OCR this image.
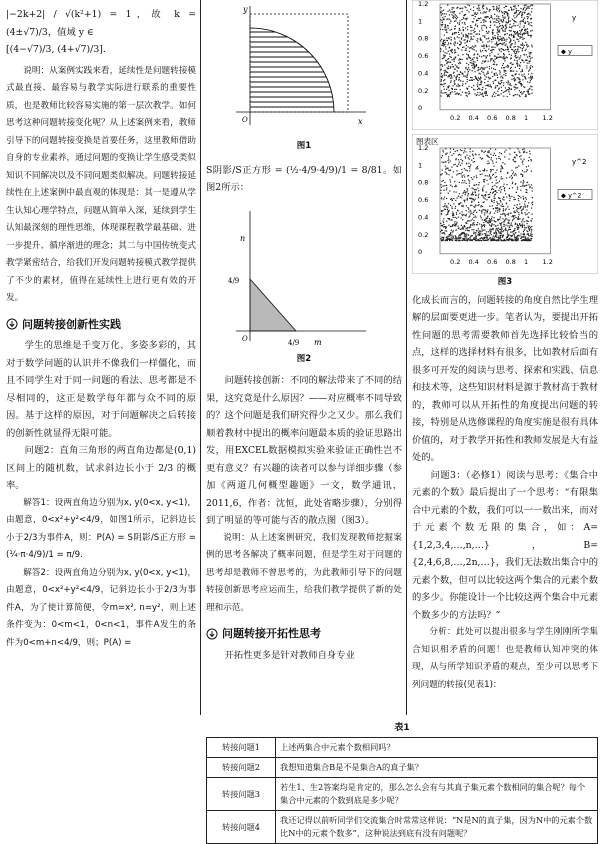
|−2k+2| / √(k²+1) = 1，故 k = (4±√7)/3，值域 y ∈
[(4−√7)/3, (4+√7)/3].

说明：从案例实践来看，延续性是问题转接模式最直接、最容易与教学实际进行联系的重要性质，也是教师比较容易实施的第一层次教学。如何思考这种问题转接变化呢？从上述案例来看，教师引导下的问题转接变换是首要任务，这里教师借助自身的专业素养，通过问题的变换让学生感受类似知识不同解决以及不同问题类似解决。问题转接延续性在上述案例中最直观的体现是：其一是遵从学生认知心理学特点，问题从简单入深，延续到学生认知最深刻的理性思维，体现课程教学最基础、进一步提升、循序渐进的理念；其二与中国传统变式教学紧密结合，给我们开发问题转接模式教学提供了不少的素材，值得在延续性上进行更有效的开发。

问题转接创新性实践

学生的思维是千变万化、多姿多彩的，其对于数学问题的认识并不像我们一样僵化，而且不同学生对于同一问题的看法、思考都是不尽相同的，这正是数学每年都与众不同的原因。基于这样的原因，对于问题解决之后转接的创新性就显得无限可能。

问题2：直角三角形的两直角边都是(0,1)区间上的随机数，试求斜边长小于 2/3 的概率。

解答1：设两直角边分别为x, y(0<x, y<1)，由题意，0<x²+y²<4/9，如图1所示，记斜边长小于2/3为事件A，则：P(A) = S阴影/S正方形 = (¼·π·4/9)/1 = π/9.

解答2：设两直角边分别为x, y(0<x, y<1)，由题意，0<x²+y²<4/9，记斜边长小于2/3为事件A，为了使计算简便，令m=x², n=y²，则上述条件变为：0<m<1，0<n<1，事件A发生的条件为0<m+n<4/9，则；P(A) =

y
x
O
图1
S阴影/S正方形 = (½·4/9·4/9)/1 = 8/81。如图2所示：
n
m
O
4/9
4/9
图2

问题转接创新：不同的解法带来了不同的结果，这究竟是什么原因？——对应概率不同导致的？这个问题是我们研究得少之又少。那么我们顺着教材中提出的概率问题最本质的验证思路出发，用EXCEL数据模拟实验来验证正确性岂不更有意义？有兴趣的读者可以参与详细步骤（参加《两道几何概型趣题》一文，数学通讯，2011,6，作者：沈恒，此处省略步骤），分别得到了明显的等可能与否的散点图（图3）。

说明：从上述案例研究，我们发现教师挖掘案例的思考各解决了概率问题，但是学生对于问题的思考却是教师不曾思考的，为此教师引导下的问题转接创新思考应运而生，给我们教学提供了新的处理和示范。

问题转接开拓性思考

开拓性更多是针对教师自身专业

1.2
1
0.8
0.6
0.4
0.2
0
0.2 0.4 0.6 0.8 1 1.2
◆ y
y
图表区
1.2
1
0.8
0.6
0.4
0.2
0
0.2 0.4 0.6 0.8 1 1.2
◆ y^2
y^2
图3

化成长而言的，问题转接的角度自然比学生理解的层面要更进一步。笔者认为，要提出开拓性问题的思考需要教师首先选择比较恰当的点，这样的选择材料有很多，比如教材后面有很多可开发的阅读与思考、探索和实践、信息和技术等，这些知识材料是源于教材高于教材的，教师可以从开拓性的角度提出问题的转接，特别是从选修课程的角度实施是很有具体价值的，对于教学开拓性和教师发展是大有益处的。

问题3：（必修1）阅读与思考：《集合中元素的个数》最后提出了一个思考：“有限集合中元素的个数，我们可以一一数出来，而对于元素个数无限的集合，如：A={1,2,3,4,…,n,…}，B={2,4,6,8,…,2n,…}，我们无法数出集合中的元素个数，但可以比较这两个集合的元素个数的多少。你能设计一个比较这两个集合中元素个数多少的方法吗？”

分析：此处可以提出很多与学生刚刚所学集合知识相矛盾的问题！也是教师认知冲突的体现，从与所学知识矛盾的观点，至少可以思考下列问题的转接(见表1)：

表1
转接问题1	上述两集合中元素个数相同吗？
转接问题2	我想知道集合B是不是集合A的真子集？
转接问题3	若生1、生2答案均是肯定的，那么怎么会有与其真子集元素个数相同的集合呢？每个集合中元素的个数到底是多少呢？
转接问题4	我还记得以前听同学们交流集合时常常这样说：“N是N的真子集，因为N中的元素个数比N中的元素个数多”，这种说法到底有没有问题呢？
